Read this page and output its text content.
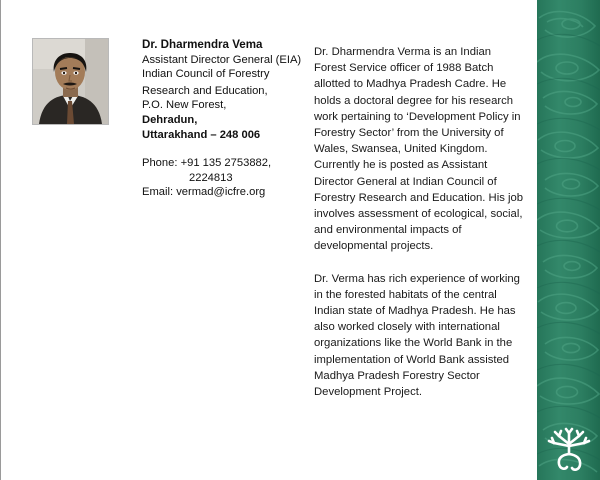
Dr. Dharmendra Vema
Assistant Director General (EIA)
Indian Council of Forestry
Research and Education,
P.O. New Forest,
Dehradun,
Uttarakhand – 248 006
Phone: +91 135 2753882,
2224813
Email: vermad@icfre.org

Dr. Dharmendra Verma is an Indian Forest Service officer of 1988 Batch allotted to Madhya Pradesh Cadre. He holds a doctoral degree for his research work pertaining to ‘Development Policy in Forestry Sector’ from the University of Wales, Swansea, United Kingdom. Currently he is posted as Assistant Director General at Indian Council of Forestry Research and Education. His job involves assessment of ecological, social, and environmental impacts of developmental projects.

Dr. Verma has rich experience of working in the forested habitats of the central Indian state of Madhya Pradesh. He has also worked closely with international organizations like the World Bank in the implementation of World Bank assisted Madhya Pradesh Forestry Sector Development Project.
